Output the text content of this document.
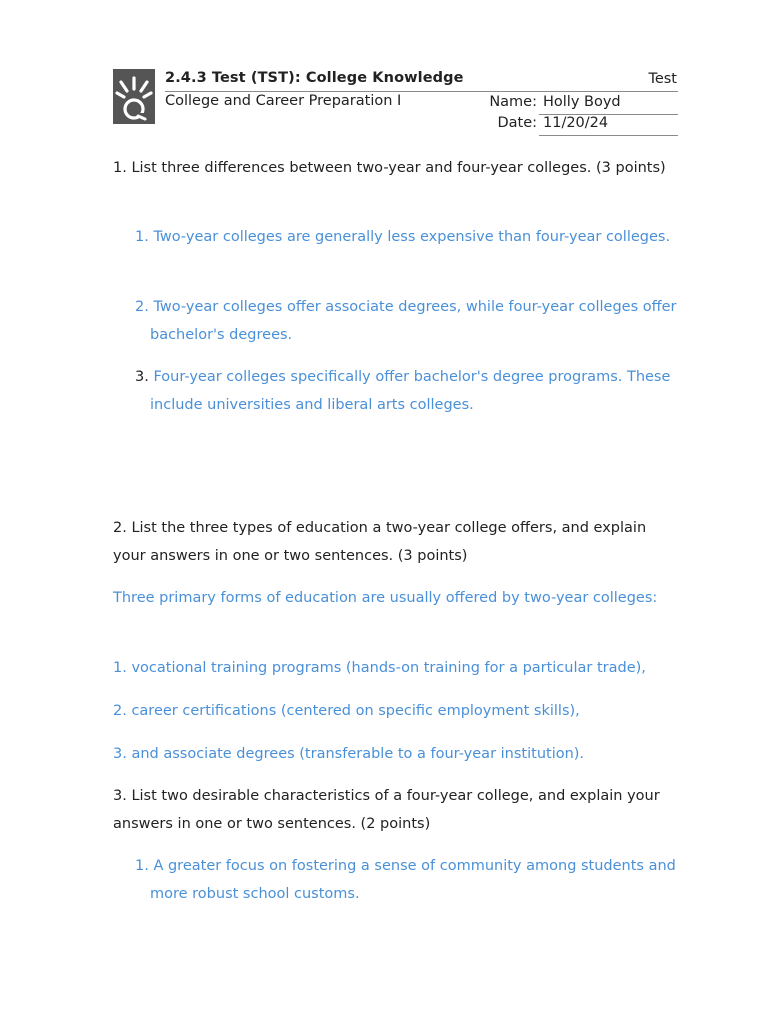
2.4.3 Test (TST): College Knowledge	Test
College and Career Preparation I	Name: Holly Boyd
Date: 11/20/24
1. List three differences between two-year and four-year colleges. (3 points)
1. Two-year colleges are generally less expensive than four-year colleges.
2. Two-year colleges offer associate degrees, while four-year colleges offer bachelor's degrees.
3. Four-year colleges specifically offer bachelor's degree programs. These include universities and liberal arts colleges.
2. List the three types of education a two-year college offers, and explain your answers in one or two sentences. (3 points)
Three primary forms of education are usually offered by two-year colleges:
1. vocational training programs (hands-on training for a particular trade),
2. career certifications (centered on specific employment skills),
3. and associate degrees (transferable to a four-year institution).
3. List two desirable characteristics of a four-year college, and explain your answers in one or two sentences. (2 points)
1. A greater focus on fostering a sense of community among students and more robust school customs.
